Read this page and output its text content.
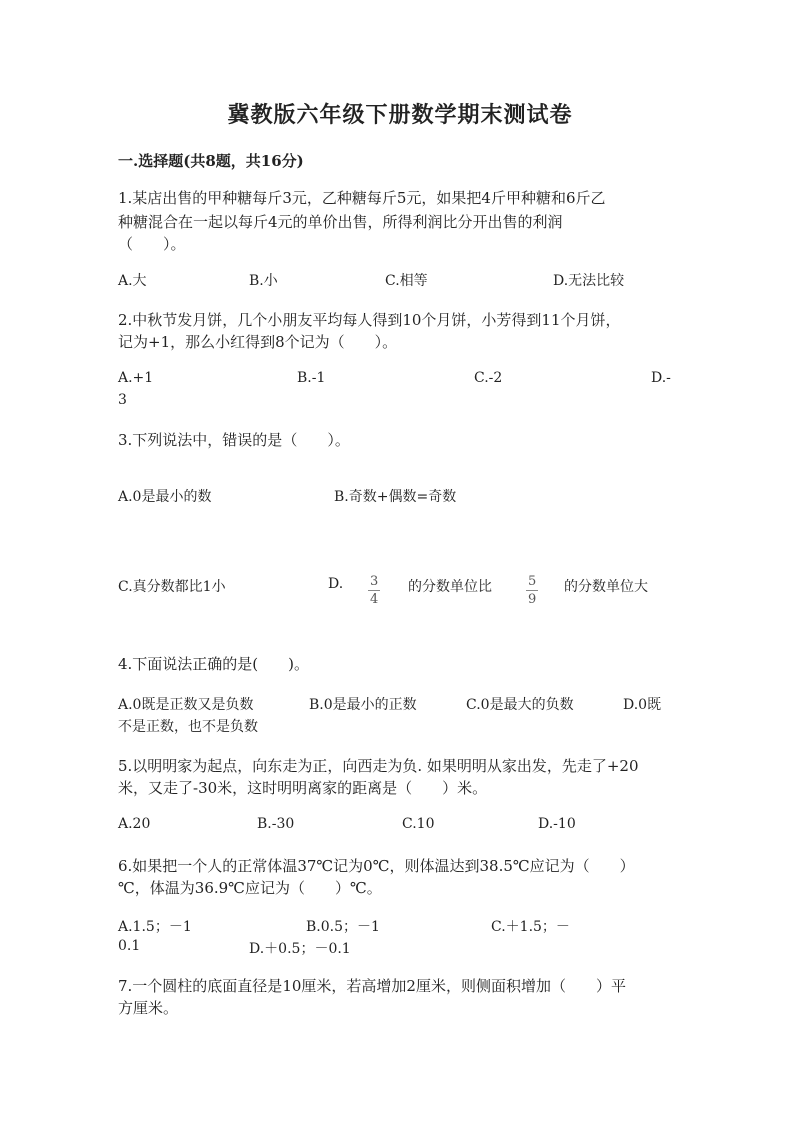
冀教版六年级下册数学期末测试卷
一.选择题(共8题，共16分)
1.某店出售的甲种糖每斤3元，乙种糖每斤5元，如果把4斤甲种糖和6斤乙
种糖混合在一起以每斤4元的单价出售，所得利润比分开出售的利润
（　　）。
A.大	B.小	C.相等	D.无法比较
2.中秋节发月饼，几个小朋友平均每人得到10个月饼，小芳得到11个月饼，
记为+1，那么小红得到8个记为（　　）。
A.+1	B.-1	C.-2	D.-
3
3.下列说法中，错误的是（　　）。
A.0是最小的数	B.奇数+偶数=奇数
C.真分数都比1小	D. $\frac{3}{4}$ 的分数单位比	$\frac{5}{9}$ 的分数单位大
4.下面说法正确的是(　　)。
A.0既是正数又是负数	B.0是最小的正数	C.0是最大的负数	D.0既
不是正数，也不是负数
5.以明明家为起点，向东走为正，向西走为负. 如果明明从家出发，先走了+20
米，又走了-30米，这时明明离家的距离是（　　）米。
A.20	B.-30	C.10	D.-10
6.如果把一个人的正常体温37℃记为0℃，则体温达到38.5℃应记为（　　）
℃，体温为36.9℃应记为（　　）℃。
A.1.5；－1	B.0.5；－1	C.＋1.5；－
0.1	D.＋0.5；－0.1
7.一个圆柱的底面直径是10厘米，若高增加2厘米，则侧面积增加（　　）平
方厘米。
